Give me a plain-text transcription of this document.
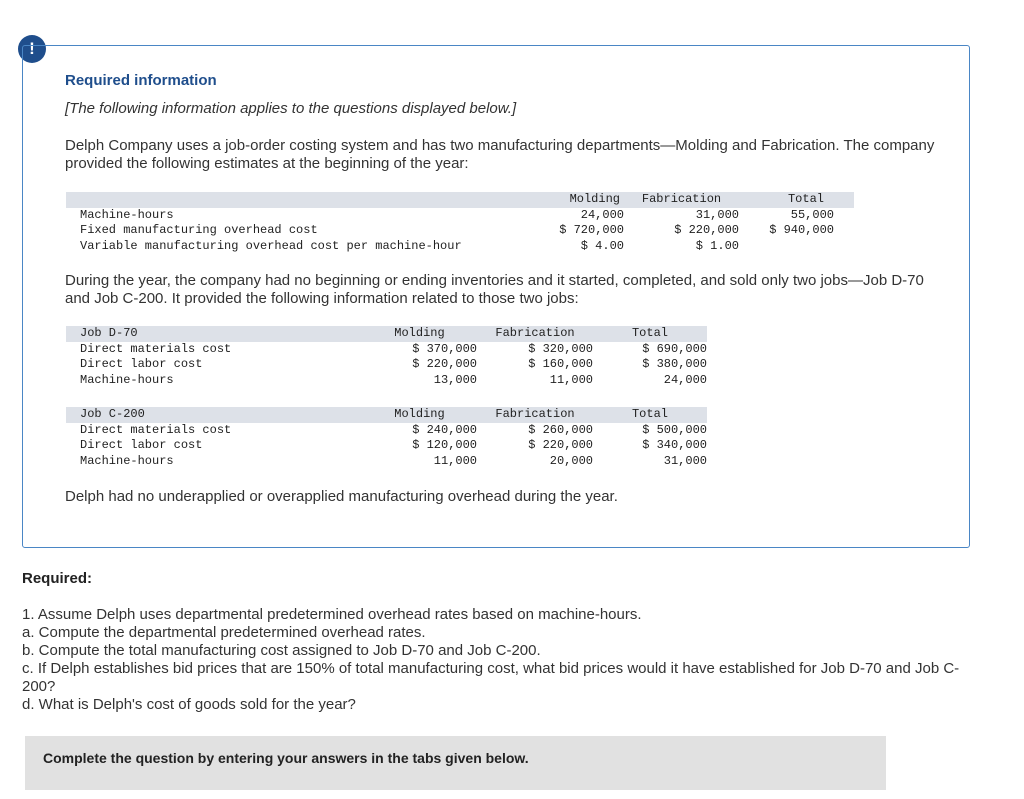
!
Required information

[The following information applies to the questions displayed below.]

Delph Company uses a job-order costing system and has two manufacturing departments—Molding and Fabrication. The company provided the following estimates at the beginning of the year:

	Molding	Fabrication	Total
Machine-hours	24,000	31,000	55,000
Fixed manufacturing overhead cost	$ 720,000	$ 220,000	$ 940,000
Variable manufacturing overhead cost per machine-hour	$ 4.00	$ 1.00	

During the year, the company had no beginning or ending inventories and it started, completed, and sold only two jobs—Job D-70 and Job C-200. It provided the following information related to those two jobs:

Job D-70	Molding	Fabrication	Total
Direct materials cost	$ 370,000	$ 320,000	$ 690,000
Direct labor cost	$ 220,000	$ 160,000	$ 380,000
Machine-hours	13,000	11,000	24,000
Job C-200	Molding	Fabrication	Total
Direct materials cost	$ 240,000	$ 260,000	$ 500,000
Direct labor cost	$ 120,000	$ 220,000	$ 340,000
Machine-hours	11,000	20,000	31,000

Delph had no underapplied or overapplied manufacturing overhead during the year.

Required:
1. Assume Delph uses departmental predetermined overhead rates based on machine-hours.
a. Compute the departmental predetermined overhead rates.
b. Compute the total manufacturing cost assigned to Job D-70 and Job C-200.
c. If Delph establishes bid prices that are 150% of total manufacturing cost, what bid prices would it have established for Job D-70 and Job C-200?
d. What is Delph's cost of goods sold for the year?

Complete the question by entering your answers in the tabs given below.
